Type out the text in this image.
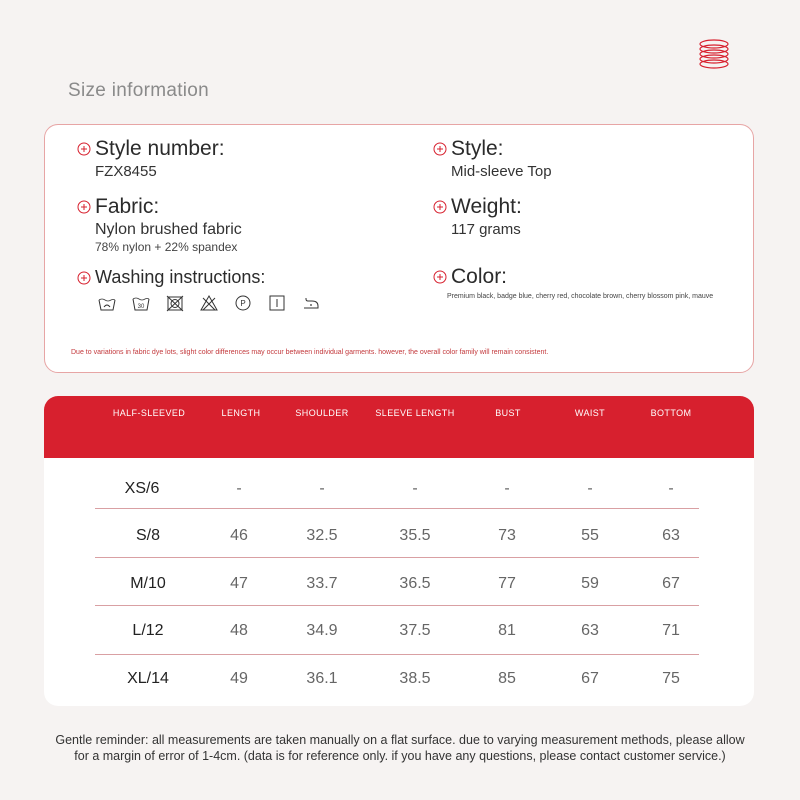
Size information
Style number:
FZX8455
Style:
Mid-sleeve Top
Fabric:
Nylon brushed fabric
78% nylon + 22% spandex
Weight:
117 grams
Washing instructions:
30	P
Color:
Premium black, badge blue, cherry red, chocolate brown, cherry blossom pink, mauve
Due to variations in fabric dye lots, slight color differences may occur between individual garments. however, the overall color family will remain consistent.
HALF-SLEEVED	LENGTH	SHOULDER	SLEEVE LENGTH	BUST	WAIST	BOTTOM
XS/6	-	-	-	-	-	-
S/8	46	32.5	35.5	73	55	63
M/10	47	33.7	36.5	77	59	67
L/12	48	34.9	37.5	81	63	71
XL/14	49	36.1	38.5	85	67	75
Gentle reminder: all measurements are taken manually on a flat surface. due to varying measurement methods, please allow
for a margin of error of 1-4cm. (data is for reference only. if you have any questions, please contact customer service.)
